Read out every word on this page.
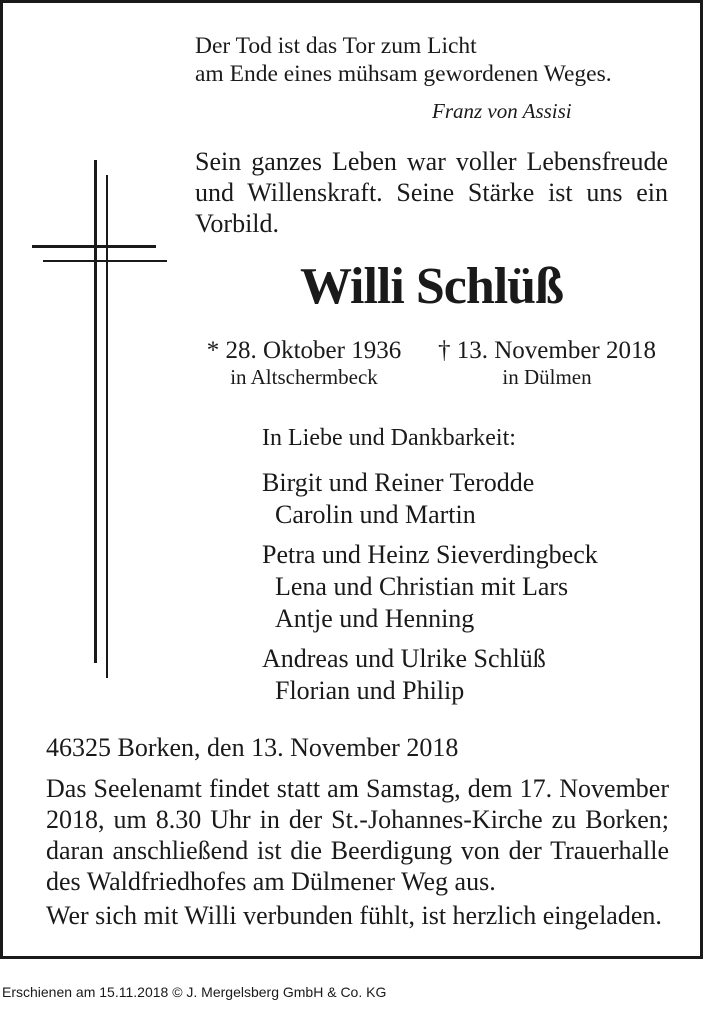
Der Tod ist das Tor zum Licht
am Ende eines mühsam gewordenen Weges.
Franz von Assisi
Sein ganzes Leben war voller Lebensfreude und Willenskraft. Seine Stärke ist uns ein Vorbild.
Willi Schlüß
* 28. Oktober 1936
in Altschermbeck
† 13. November 2018
in Dülmen
In Liebe und Dankbarkeit:
Birgit und Reiner Terodde
Carolin und Martin
Petra und Heinz Sieverdingbeck
Lena und Christian mit Lars
Antje und Henning
Andreas und Ulrike Schlüß
Florian und Philip
46325 Borken, den 13. November 2018
Das Seelenamt findet statt am Samstag, dem 17. November 2018, um 8.30 Uhr in der St.-Johannes-Kirche zu Borken; daran anschließend ist die Beerdigung von der Trauerhalle des Waldfriedhofes am Dülmener Weg aus.
Wer sich mit Willi verbunden fühlt, ist herzlich eingeladen.
Erschienen am 15.11.2018 © J. Mergelsberg GmbH & Co. KG
